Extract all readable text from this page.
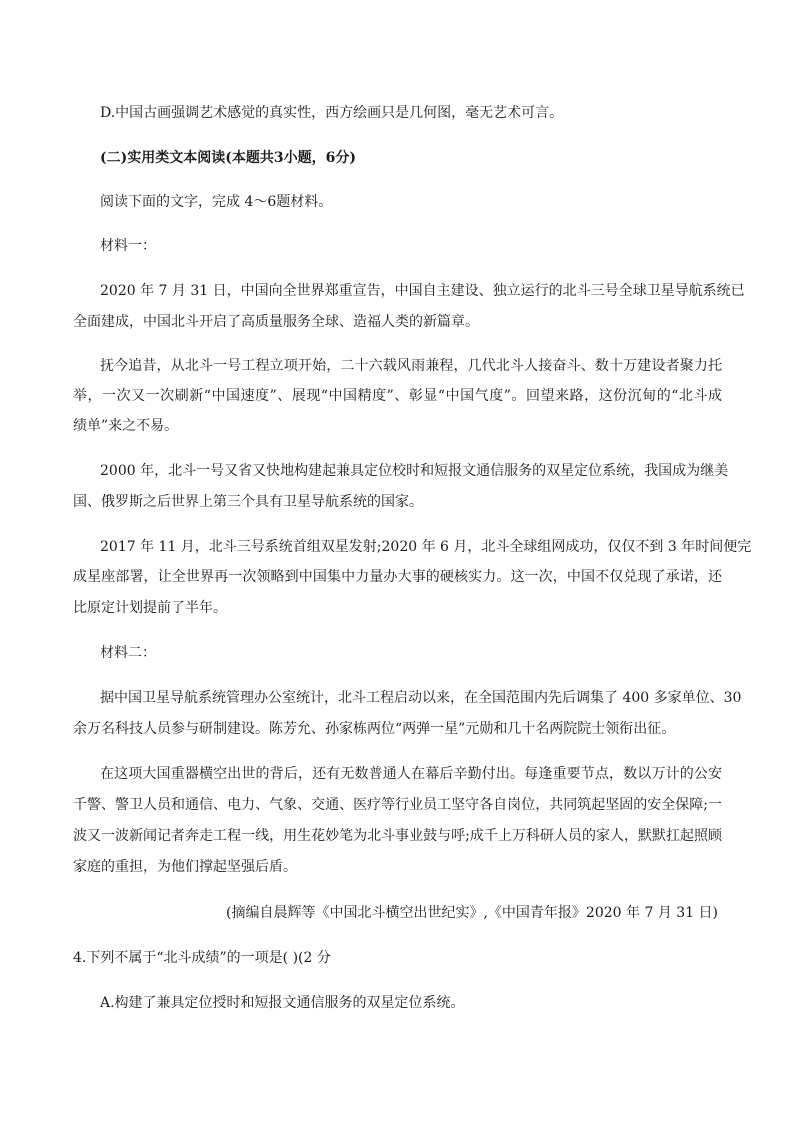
D.中国古画强调艺术感觉的真实性，西方绘画只是几何图，毫无艺术可言。
(二)实用类文本阅读(本题共3小题，6分)
阅读下面的文字，完成 4～6题材料。
材料一：
2020 年 7 月 31 日，中国向全世界郑重宣告，中国自主建设、独立运行的北斗三号全球卫星导航系统已
全面建成，中国北斗开启了高质量服务全球、造福人类的新篇章。
抚今追昔，从北斗一号工程立项开始，二十六载风雨兼程，几代北斗人接奋斗、数十万建设者聚力托
举，一次又一次刷新“中国速度”、展现“中国精度”、彰显“中国气度”。回望来路，这份沉甸的“北斗成
绩单”来之不易。
2000 年，北斗一号又省又快地构建起兼具定位校时和短报文通信服务的双星定位系统，我国成为继美
国、俄罗斯之后世界上第三个具有卫星导航系统的国家。
2017 年 11 月，北斗三号系统首组双星发射;2020 年 6 月，北斗全球组网成功，仅仅不到 3 年时间便完
成星座部署，让全世界再一次领略到中国集中力量办大事的硬核实力。这一次，中国不仅兑现了承诺，还
比原定计划提前了半年。
材料二：
据中国卫星导航系统管理办公室统计，北斗工程启动以来，在全国范围内先后调集了 400 多家单位、30
余万名科技人员参与研制建设。陈芳允、孙家栋两位“两弹一星”元勋和几十名两院院士领衔出征。
在这项大国重器横空出世的背后，还有无数普通人在幕后辛勤付出。每逢重要节点，数以万计的公安
千警、警卫人员和通信、电力、气象、交通、医疗等行业员工坚守各自岗位，共同筑起坚固的安全保障;一
波又一波新闻记者奔走工程一线，用生花妙笔为北斗事业鼓与呼;成千上万科研人员的家人，默默扛起照顾
家庭的重担，为他们撑起坚强后盾。
(摘编自晨辉等《中国北斗横空出世纪实》,《中国青年报》2020 年 7 月 31 日)
4.下列不属于“北斗成绩”的一项是( )(2 分
A.构建了兼具定位授时和短报文通信服务的双星定位系统。
